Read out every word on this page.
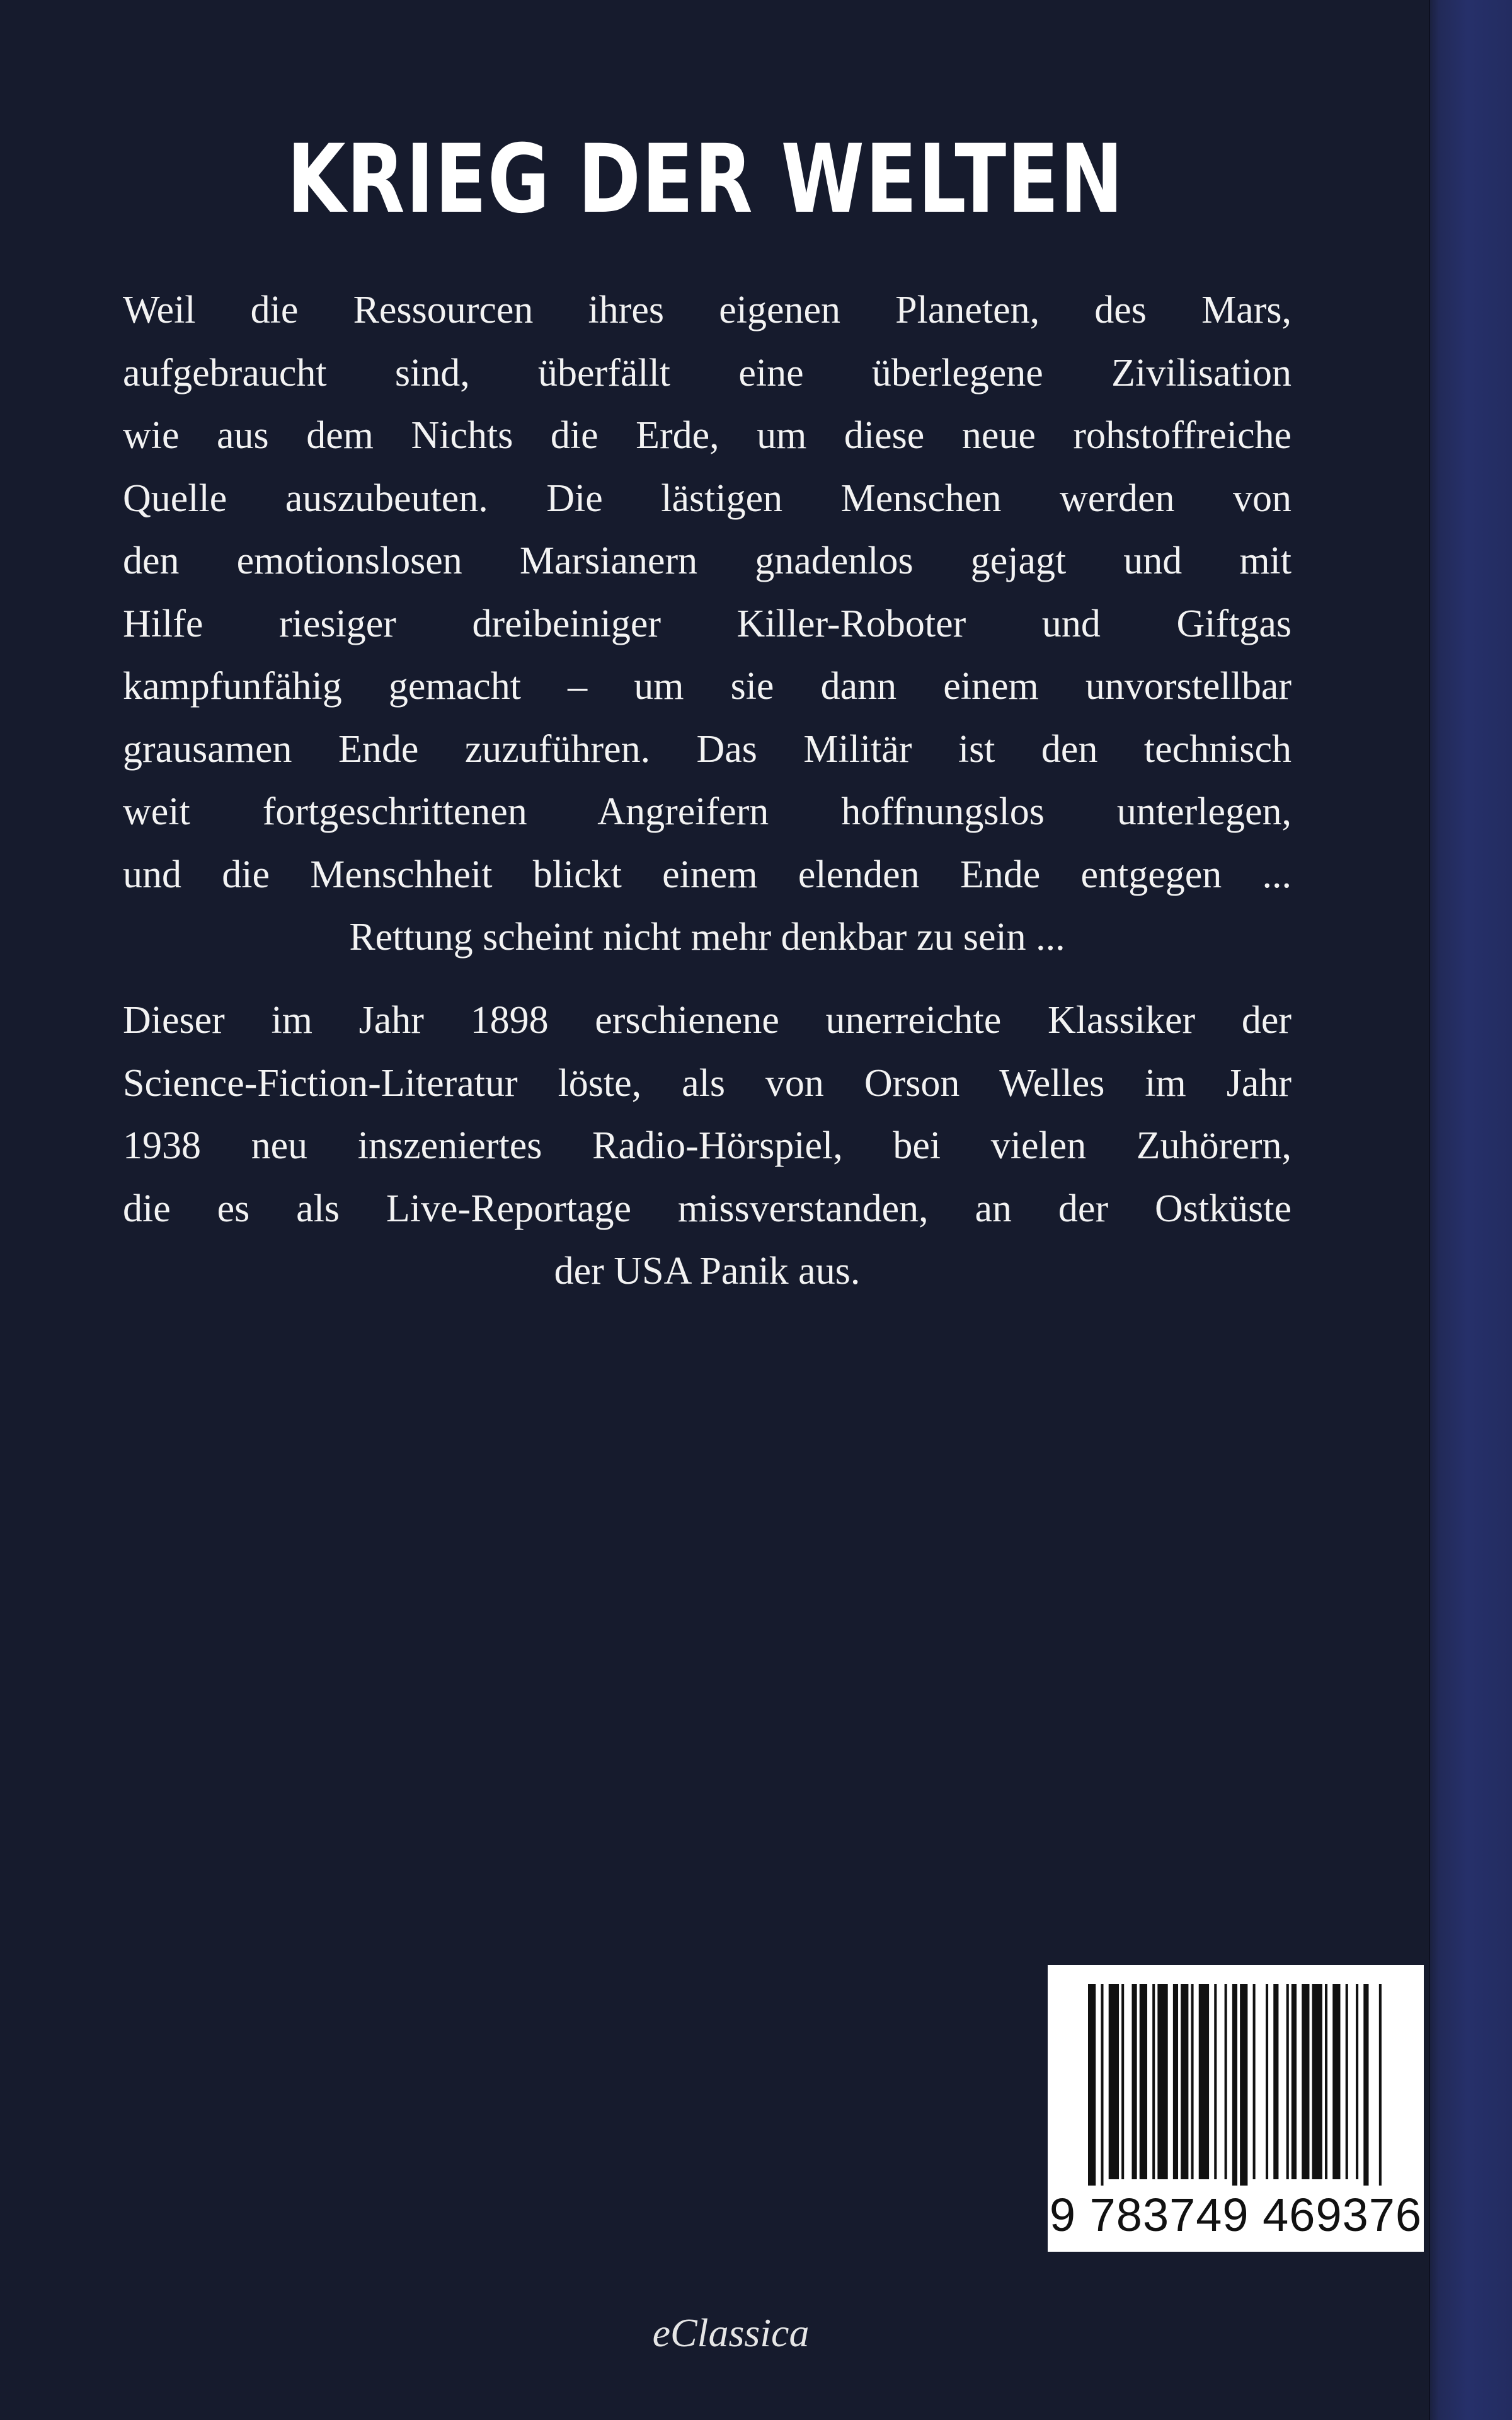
KRIEG DER WELTEN
Weil die Ressourcen ihres eigenen Planeten, des Mars,
aufgebraucht sind, überfällt eine überlegene Zivilisation
wie aus dem Nichts die Erde, um diese neue rohstoffreiche
Quelle auszubeuten. Die lästigen Menschen werden von
den emotionslosen Marsianern gnadenlos gejagt und mit
Hilfe riesiger dreibeiniger Killer-Roboter und Giftgas
kampfunfähig gemacht – um sie dann einem unvorstellbar
grausamen Ende zuzuführen. Das Militär ist den technisch
weit fortgeschrittenen Angreifern hoffnungslos unterlegen,
und die Menschheit blickt einem elenden Ende entgegen ...
Rettung scheint nicht mehr denkbar zu sein ...
Dieser im Jahr 1898 erschienene unerreichte Klassiker der
Science-Fiction-Literatur löste, als von Orson Welles im Jahr
1938 neu inszeniertes Radio-Hörspiel, bei vielen Zuhörern,
die es als Live-Reportage missverstanden, an der Ostküste
der USA Panik aus.
9 783749 469376
eClassica
